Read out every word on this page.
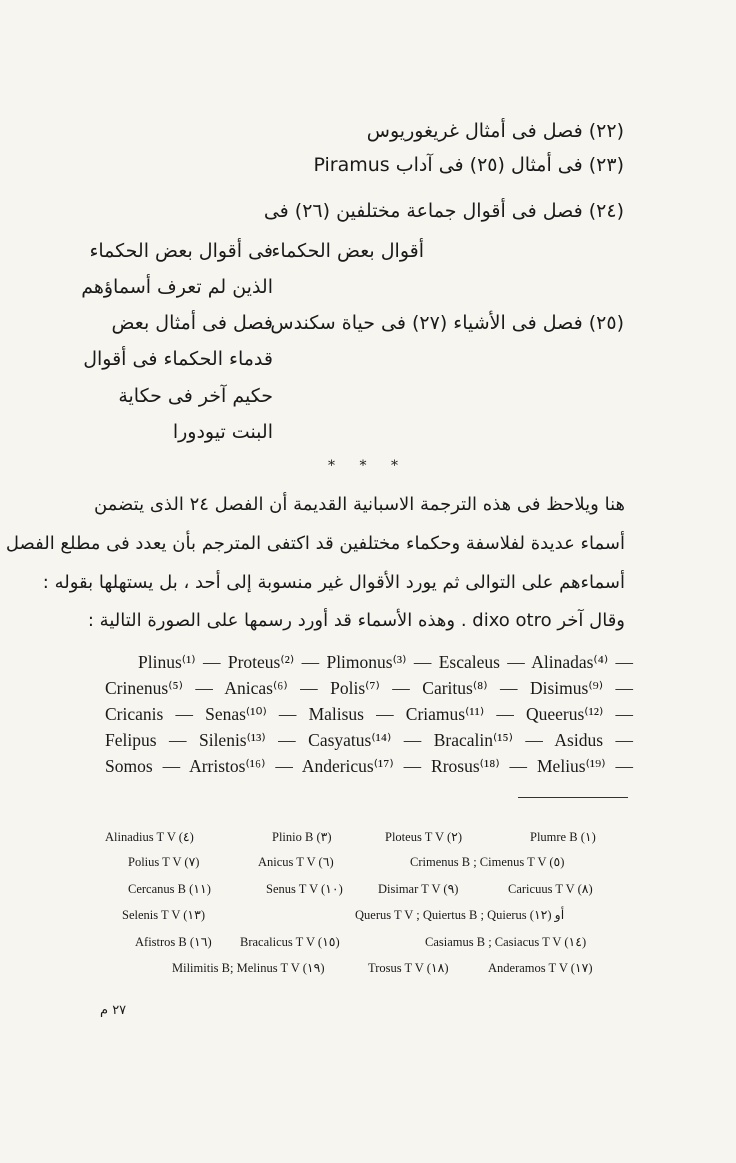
(٢٢) فصل فى أمثال غريغوريوس
(٢٣) فى أمثال (٢٥) فى آداب Piramus
(٢٤) فصل فى أقوال جماعة مختلفين (٢٦) فى
أقوال بعض الحكماء
فى أقوال بعض الحكماء
الذين لم تعرف أسماؤهم
(٢٥) فصل فى الأشياء (٢٧) فى حياة سكندس
فصل فى أمثال بعض
قدماء الحكماء فى أقوال
حكيم آخر فى حكاية
البنت تيودورا
* * *
هنا ويلاحظ فى هذه الترجمة الاسبانية القديمة أن الفصل ٢٤ الذى يتضمن
أسماء عديدة لفلاسفة وحكماء مختلفين قد اكتفى المترجم بأن يعدد فى مطلع الفصل
أسماءهم على التوالى ثم يورد الأقوال غير منسوبة إلى أحد ، بل يستهلها بقوله :
وقال آخر dixo otro . وهذه الأسماء قد أورد رسمها على الصورة التالية :
Plinus⁽¹⁾ — Proteus⁽²⁾ — Plimonus⁽³⁾ — Escaleus — Alinadas⁽⁴⁾ —
Crinenus⁽⁵⁾ — Anicas⁽⁶⁾ — Polis⁽⁷⁾ — Caritus⁽⁸⁾ — Disimus⁽⁹⁾ —
Cricanis — Senas⁽¹⁰⁾ — Malisus — Criamus⁽¹¹⁾ — Queerus⁽¹²⁾ —
Felipus — Silenis⁽¹³⁾ — Casyatus⁽¹⁴⁾ — Bracalin⁽¹⁵⁾ — Asidus —
Somos — Arristos⁽¹⁶⁾ — Andericus⁽¹⁷⁾ — Rrosus⁽¹⁸⁾ — Melius⁽¹⁹⁾ —
Alinadius T V (٤)	Plinio B (٣)	Ploteus T V (٢)	Plumre B (١)
Polius T V (٧)	Anicus T V (٦)	Crimenus B ; Cimenus T V (٥)
Cercanus B (١١)	Senus T V (١٠)	Disimar T V (٩)	Caricuus T V (٨)
Selenis T V (١٣)	Querus T V ; Quiertus B ; Quierus أو (١٢)
Afistros B (١٦) Bracalicus T V (١٥)	Casiamus B ; Casiacus T V (١٤)
Milimitis B; Melinus T V (١٩)	Trosus T V (١٨)	Anderamos T V (١٧)
٢٧ م
